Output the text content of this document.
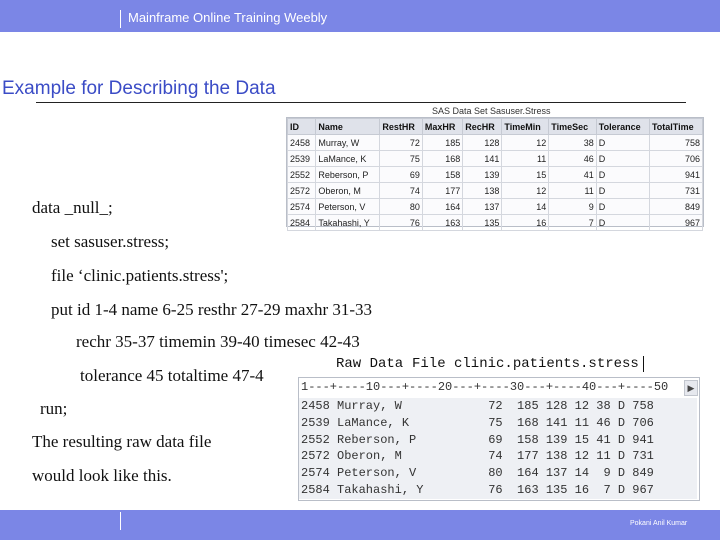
Mainframe Online Training Weebly
Example for Describing the Data
SAS Data Set Sasuser.Stress
ID	Name	RestHR	MaxHR	RecHR	TimeMin	TimeSec	Tolerance	TotalTime
2458	Murray, W	72	185	128	12	38	D	758
2539	LaMance, K	75	168	141	11	46	D	706
2552	Reberson, P	69	158	139	15	41	D	941
2572	Oberon, M	74	177	138	12	11	D	731
2574	Peterson, V	80	164	137	14	9	D	849
2584	Takahashi, Y	76	163	135	16	7	D	967
data _null_;
set sasuser.stress;
file ‘clinic.patients.stress';
put id 1-4 name 6-25 resthr 27-29 maxhr 31-33
rechr 35-37 timemin 39-40 timesec 42-43
tolerance 45 totaltime 47-4
run;
The resulting raw data file
would look like this.
Raw Data File clinic.patients.stress
1---+----10---+----20---+----30---+----40---+----50	▶
2458 Murray, W            72  185 128 12 38 D 758
2539 LaMance, K           75  168 141 11 46 D 706
2552 Reberson, P          69  158 139 15 41 D 941
2572 Oberon, M            74  177 138 12 11 D 731
2574 Peterson, V          80  164 137 14  9 D 849
2584 Takahashi, Y         76  163 135 16  7 D 967
Pokani Anil Kumar
